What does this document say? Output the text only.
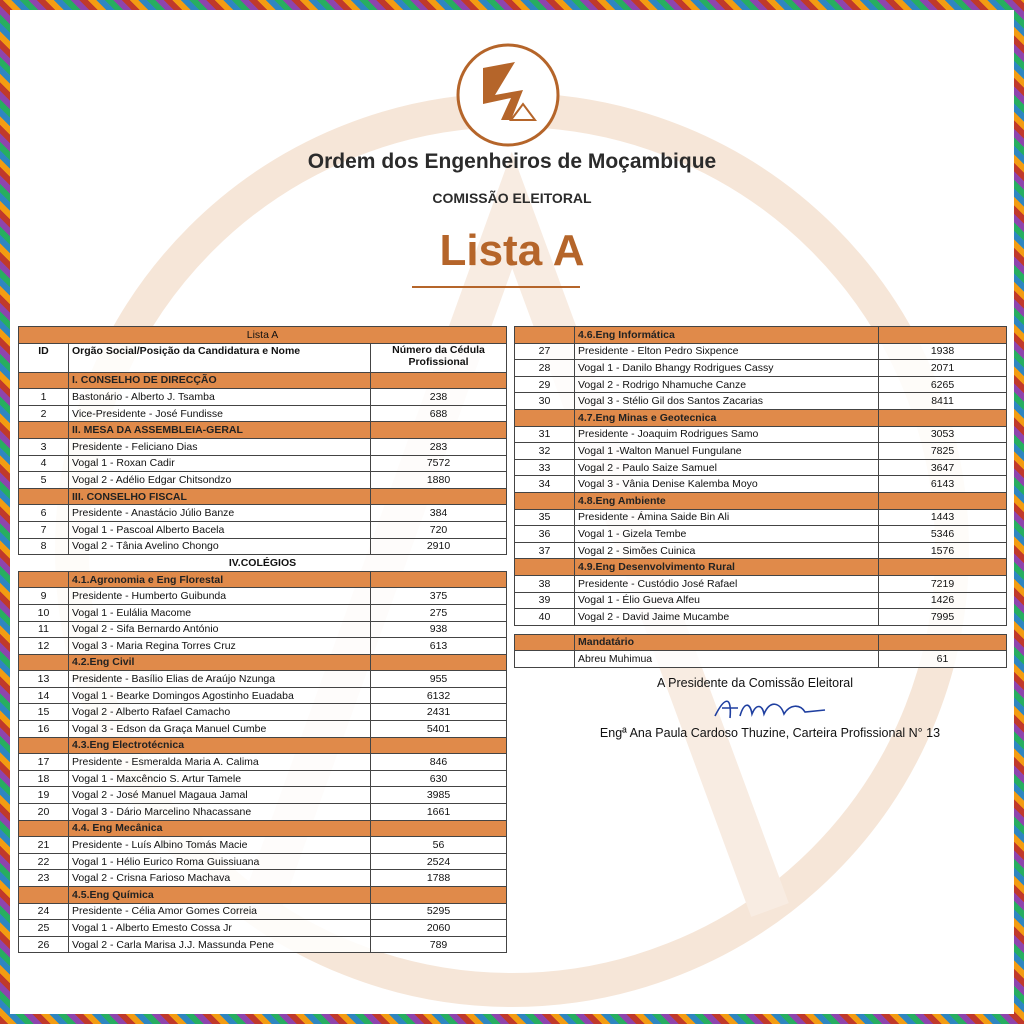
Ordem dos Engenheiros de Moçambique
COMISSÃO ELEITORAL
Lista A
Lista A		
ID	Orgão Social/Posição da Candidatura e Nome	Número da Cédula
Profissional
	I. CONSELHO DE DIRECÇÃO	
1	Bastonário - Alberto J. Tsamba	238
2	Vice-Presidente - José Fundisse	688
	II. MESA DA ASSEMBLEIA-GERAL	
3	Presidente - Feliciano Dias	283
4	Vogal 1 - Roxan Cadir	7572
5	Vogal 2 - Adélio Edgar Chitsondzo	1880
	III. CONSELHO FISCAL	
6	Presidente - Anastácio Júlio Banze	384
7	Vogal 1 - Pascoal Alberto Bacela	720
8	Vogal 2 - Tânia Avelino Chongo	2910
IV.COLÉGIOS		
	4.1.Agronomia e Eng Florestal	
9	Presidente - Humberto Guibunda	375
10	Vogal 1 - Eulália Macome	275
11	Vogal 2 - Sifa Bernardo António	938
12	Vogal 3 - Maria Regina Torres Cruz	613
	4.2.Eng Civil	
13	Presidente - Basílio Elias de Araújo Nzunga	955
14	Vogal 1 - Bearke Domingos Agostinho Euadaba	6132
15	Vogal 2 - Alberto Rafael Camacho	2431
16	Vogal 3 - Edson da Graça Manuel Cumbe	5401
	4.3.Eng Electrotécnica	
17	Presidente - Esmeralda Maria A. Calima	846
18	Vogal 1 - Maxcêncio S. Artur Tamele	630
19	Vogal 2 - José Manuel Magaua Jamal	3985
20	Vogal 3 - Dário Marcelino Nhacassane	1661
	4.4. Eng Mecânica	
21	Presidente - Luís Albino Tomás Macie	56
22	Vogal 1 - Hélio Eurico Roma Guissiuana	2524
23	Vogal 2 - Crisna Farioso Machava	1788
	4.5.Eng Química	
24	Presidente - Célia Amor Gomes Correia	5295
25	Vogal 1 - Alberto Emesto Cossa Jr	2060
26	Vogal 2 - Carla Marisa J.J. Massunda Pene	789
	4.6.Eng Informática	
27	Presidente - Elton Pedro Sixpence	1938
28	Vogal 1 - Danilo Bhangy Rodrigues Cassy	2071
29	Vogal 2 - Rodrigo Nhamuche Canze	6265
30	Vogal 3 - Stélio Gil dos Santos Zacarias	8411
	4.7.Eng Minas e Geotecnica	
31	Presidente - Joaquim Rodrigues Samo	3053
32	Vogal 1 -Walton Manuel Fungulane	7825
33	Vogal 2 - Paulo Saize Samuel	3647
34	Vogal 3 - Vânia Denise Kalemba Moyo	6143
	4.8.Eng Ambiente	
35	Presidente - Ámina Saide Bin Ali	1443
36	Vogal 1 - Gizela Tembe	5346
37	Vogal 2 - Simões Cuinica	1576
	4.9.Eng Desenvolvimento Rural	
38	Presidente - Custódio José Rafael	7219
39	Vogal 1 - Élio Gueva Alfeu	1426
40	Vogal 2 - David Jaime Mucambe	7995

	Mandatário	
	Abreu Muhimua	61
A Presidente da Comissão Eleitoral
Engª Ana Paula Cardoso Thuzine, Carteira Profissional N° 13
